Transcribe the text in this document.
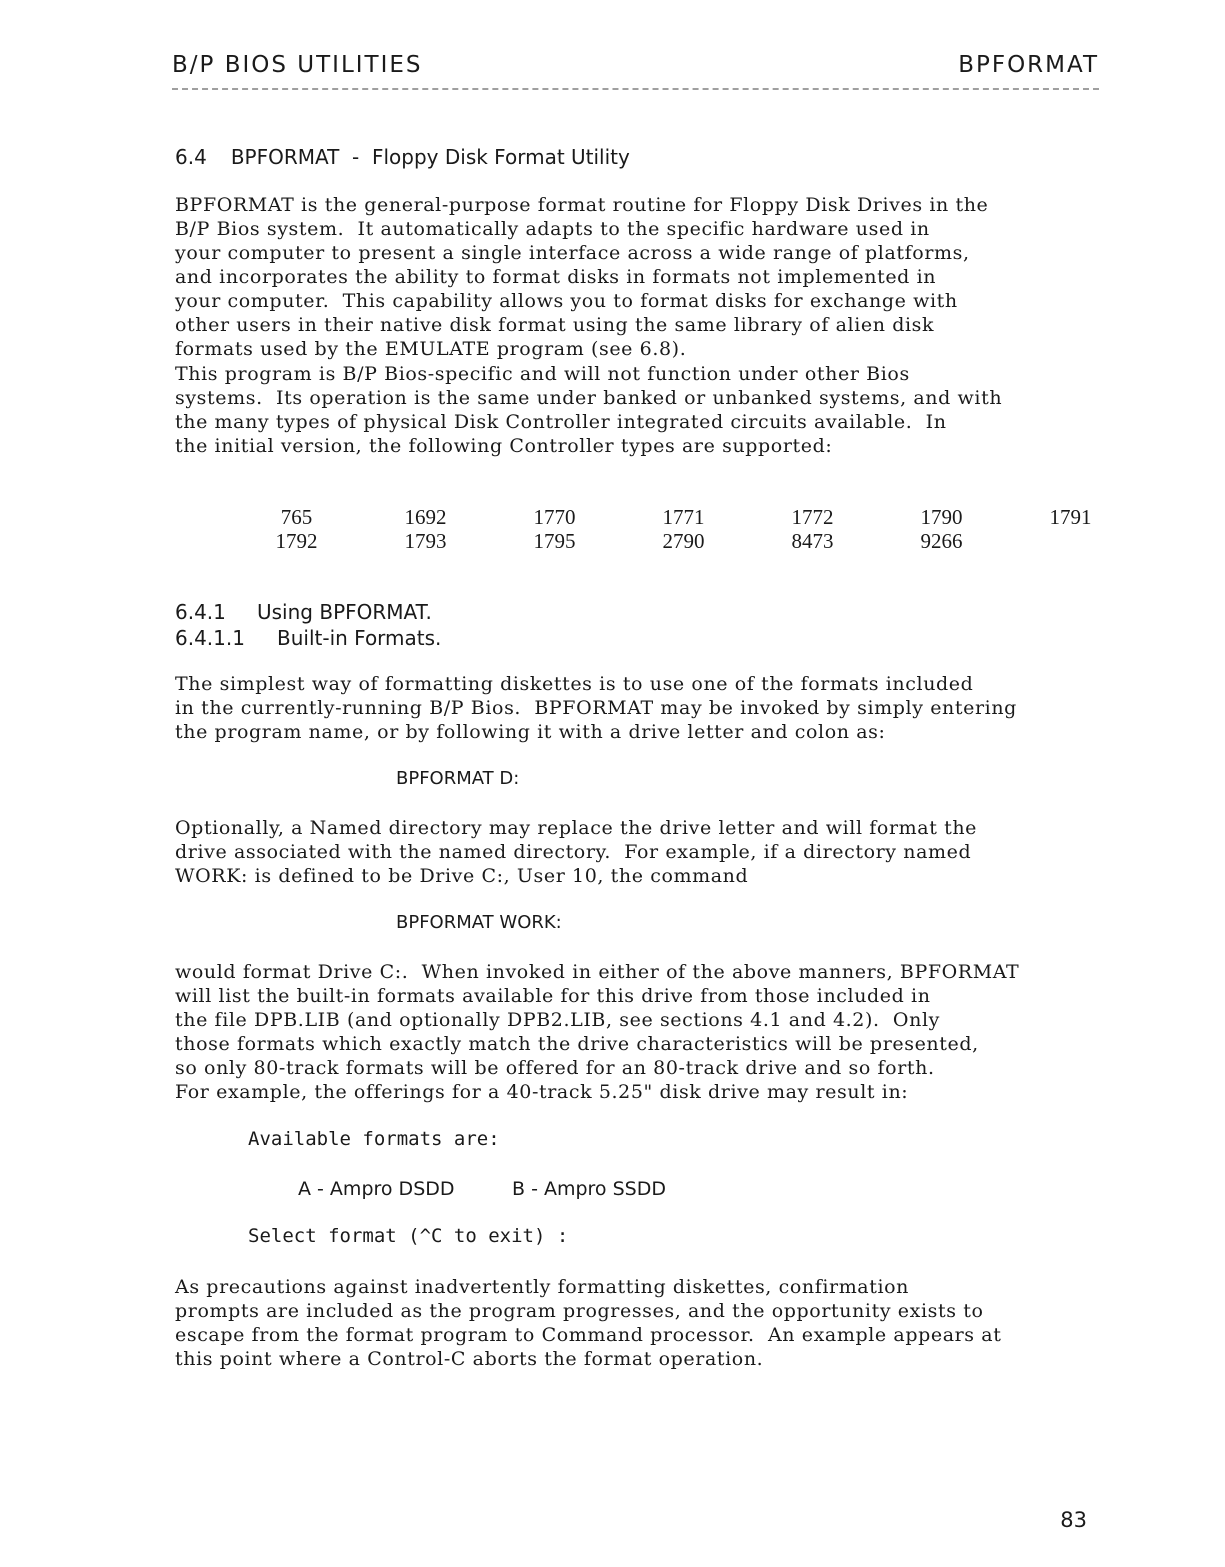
B/P BIOS UTILITIES	BPFORMAT
6.4 BPFORMAT  -  Floppy Disk Format Utility

BPFORMAT is the general-purpose format routine for Floppy Disk Drives in the
B/P Bios system.  It automatically adapts to the specific hardware used in
your computer to present a single interface across a wide range of platforms,
and incorporates the ability to format disks in formats not implemented in
your computer.  This capability allows you to format disks for exchange with
other users in their native disk format using the same library of alien disk
formats used by the EMULATE program (see 6.8).

This program is B/P Bios-specific and will not function under other Bios
systems.  Its operation is the same under banked or unbanked systems, and with
the many types of physical Disk Controller integrated circuits available.  In
the initial version, the following Controller types are supported:

765	1692	1770	1771	1772	1790	1791
1792	1793	1795	2790	8473	9266	
6.4.1 Using BPFORMAT.
6.4.1.1 Built-in Formats.

The simplest way of formatting diskettes is to use one of the formats included
in the currently-running B/P Bios.  BPFORMAT may be invoked by simply entering
the program name, or by following it with a drive letter and colon as:

BPFORMAT D:

Optionally, a Named directory may replace the drive letter and will format the
drive associated with the named directory.  For example, if a directory named
WORK: is defined to be Drive C:, User 10, the command

BPFORMAT WORK:

would format Drive C:.  When invoked in either of the above manners, BPFORMAT
will list the built-in formats available for this drive from those included in
the file DPB.LIB (and optionally DPB2.LIB, see sections 4.1 and 4.2).  Only
those formats which exactly match the drive characteristics will be presented,
so only 80-track formats will be offered for an 80-track drive and so forth.
For example, the offerings for a 40-track 5.25" disk drive may result in:

Available formats are:
A - Ampro DSDD	B - Ampro SSDD
Select format (^C to exit) :

As precautions against inadvertently formatting diskettes, confirmation
prompts are included as the program progresses, and the opportunity exists to
escape from the format program to Command processor.  An example appears at
this point where a Control-C aborts the format operation.

83
